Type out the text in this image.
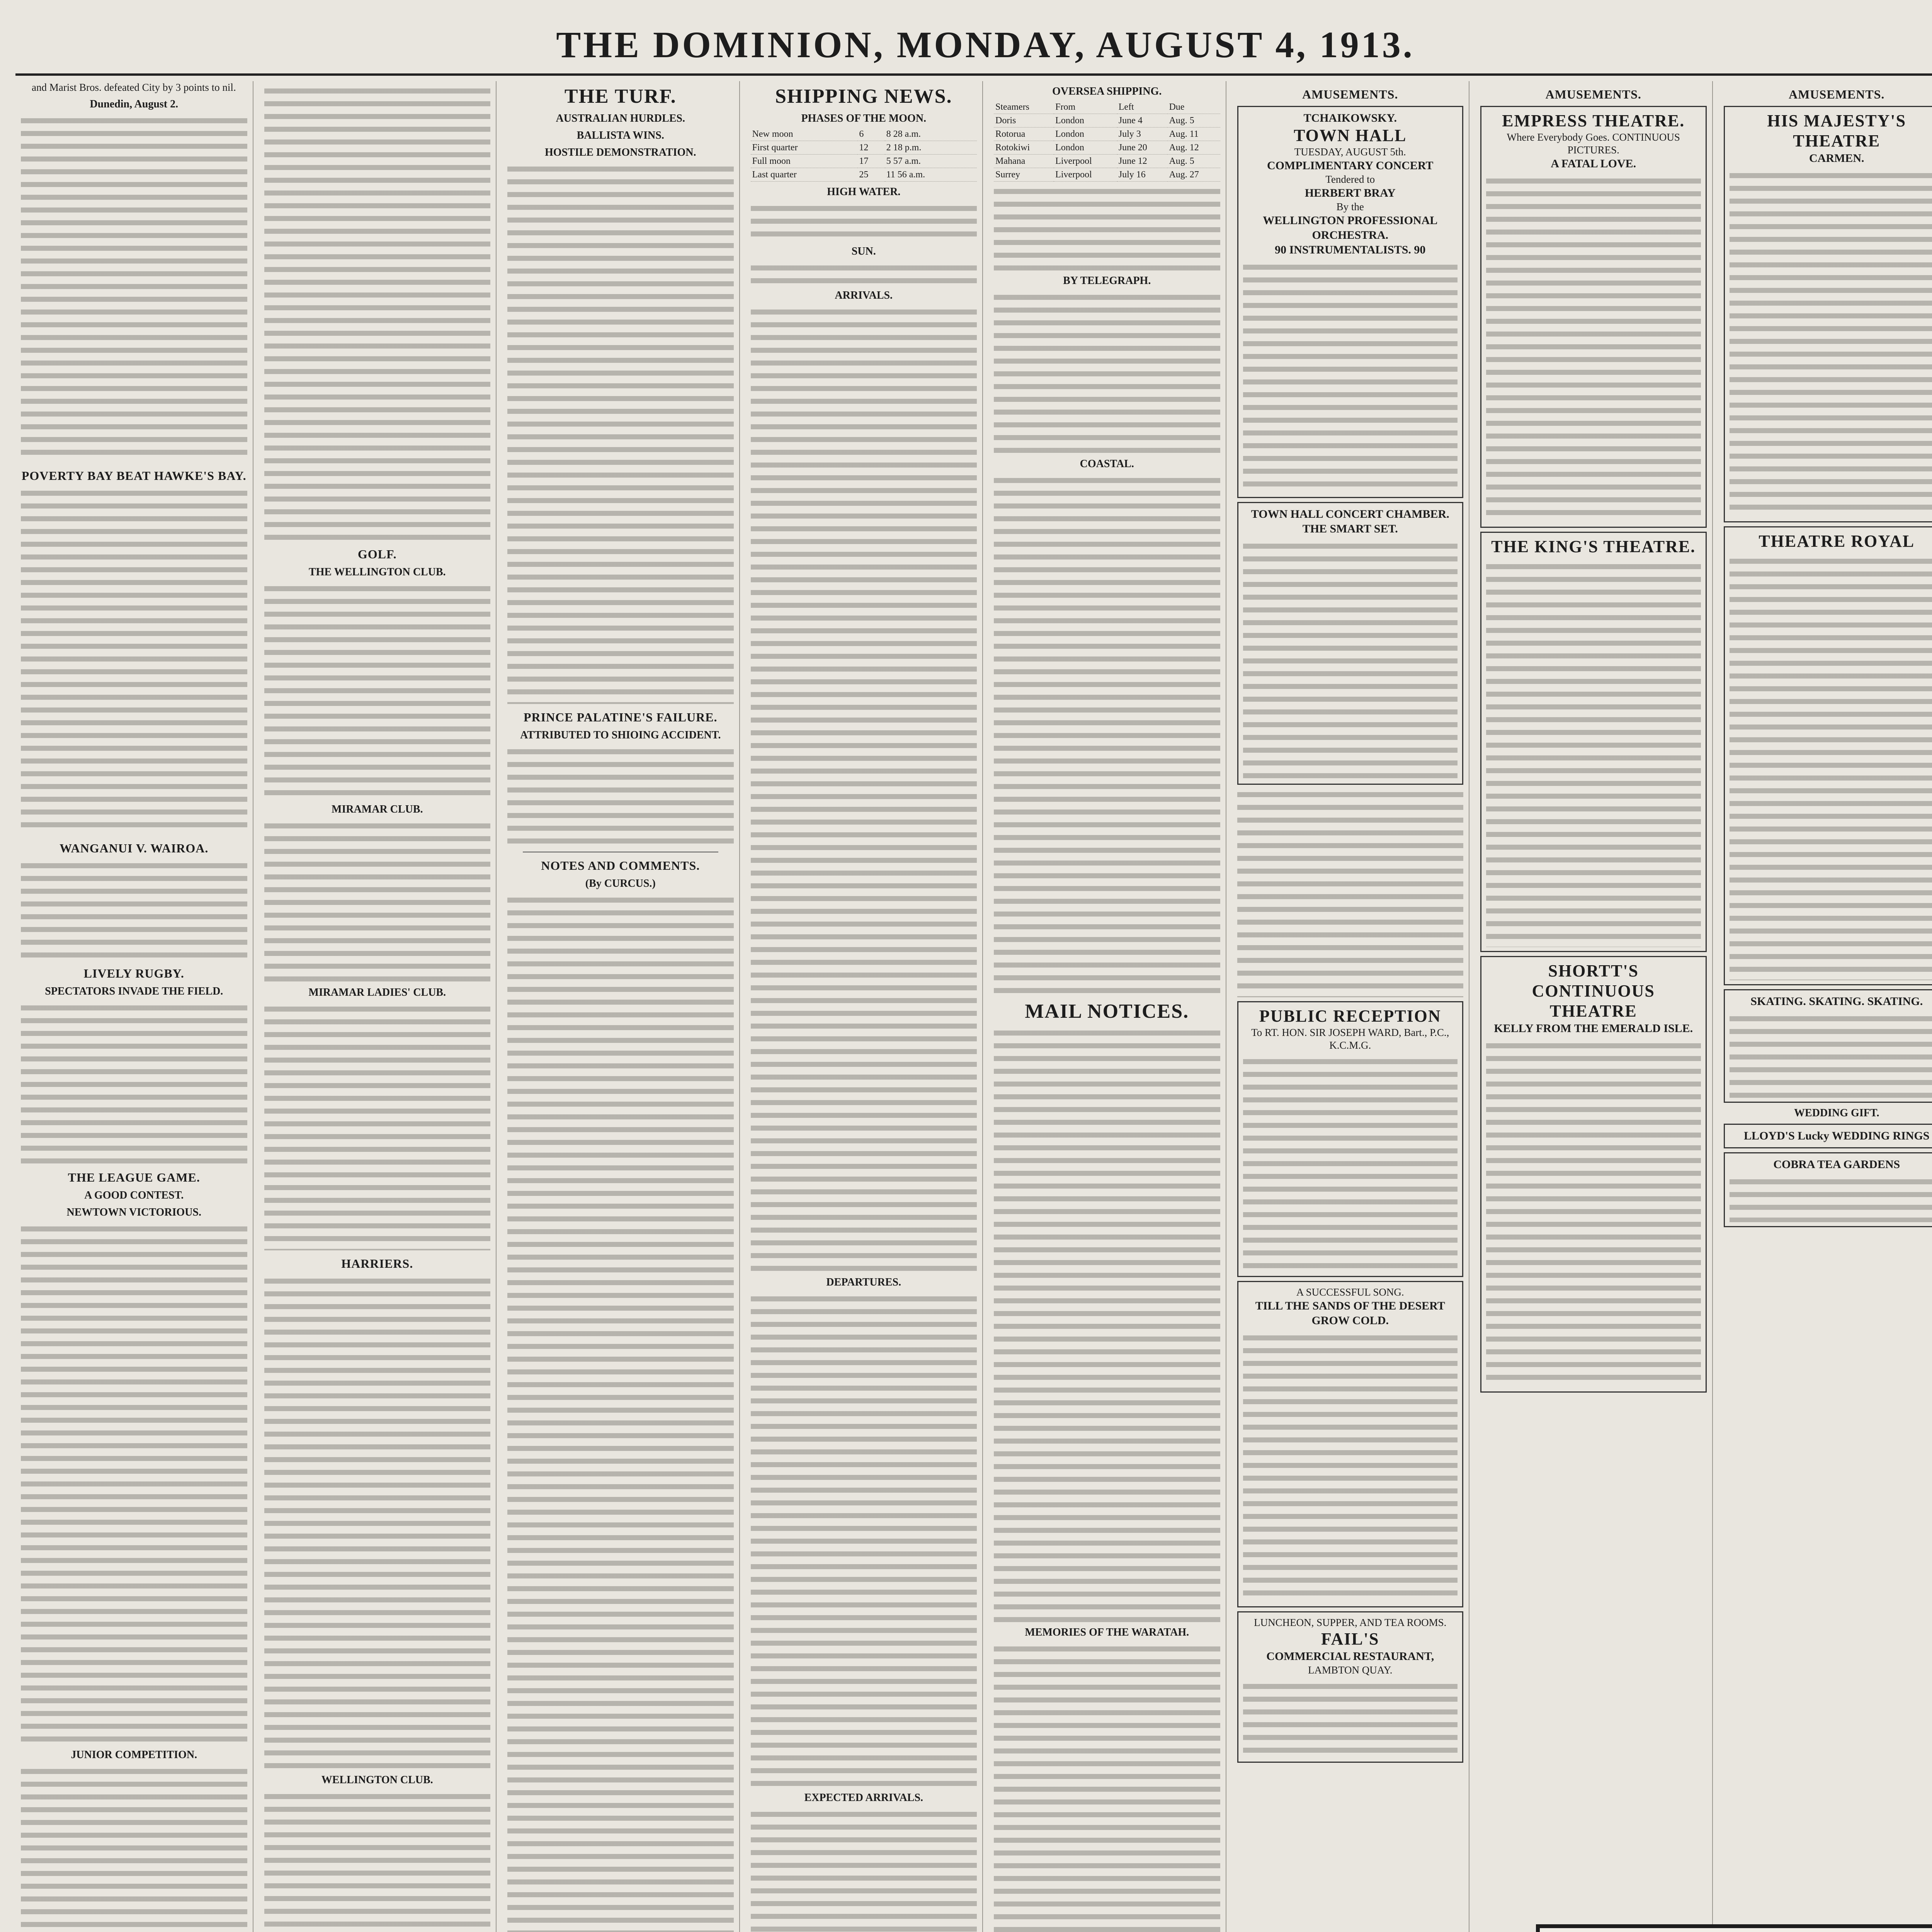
THE DOMINION, MONDAY, AUGUST 4, 1913.

and Marist Bros. defeated City by 3 points to nil.

Dunedin, August 2.
POVERTY BAY BEAT HAWKE'S BAY.
WANGANUI V. WAIROA.
LIVELY RUGBY.
SPECTATORS INVADE THE FIELD.
THE LEAGUE GAME.
A GOOD CONTEST.
NEWTOWN VICTORIOUS.
JUNIOR COMPETITION.
GOLF.
THE WELLINGTON CLUB.
MIRAMAR CLUB.
MIRAMAR LADIES' CLUB.
HARRIERS.
WELLINGTON CLUB.
THE TURF.
AUSTRALIAN HURDLES.
BALLISTA WINS.
HOSTILE DEMONSTRATION.
PRINCE PALATINE'S FAILURE.
ATTRIBUTED TO SHIOING ACCIDENT.
NOTES AND COMMENTS.
(By CURCUS.)

SHIPPING NEWS.
PHASES OF THE MOON.
New moon	6	8 28 a.m.
First quarter	12	2 18 p.m.
Full moon	17	5 57 a.m.
Last quarter	25	11 56 a.m.
HIGH WATER.
SUN.
ARRIVALS.
DEPARTURES.
EXPECTED ARRIVALS.
OVERSEA SHIPPING.
Steamers	From	Left	Due
Doris	London	June 4	Aug. 5
Rotorua	London	July 3	Aug. 11
Rotokiwi	London	June 20	Aug. 12
Mahana	Liverpool	June 12	Aug. 5
Surrey	Liverpool	July 16	Aug. 27
BY TELEGRAPH.
COASTAL.
MAIL NOTICES.
MEMORIES OF THE WARATAH.
AMUSEMENTS.
TCHAIKOWSKY.
TOWN HALL
TUESDAY, AUGUST 5th.
COMPLIMENTARY CONCERT
Tendered to
HERBERT BRAY
By the
WELLINGTON PROFESSIONAL ORCHESTRA.
90 INSTRUMENTALISTS. 90
TOWN HALL CONCERT CHAMBER.
THE SMART SET.
PUBLIC RECEPTION
To RT. HON. SIR JOSEPH WARD, Bart., P.C., K.C.M.G.
A SUCCESSFUL SONG.
TILL THE SANDS OF THE DESERT GROW COLD.
LUNCHEON, SUPPER, AND TEA ROOMS.
FAIL'S
COMMERCIAL RESTAURANT,
LAMBTON QUAY.
AMUSEMENTS.
EMPRESS THEATRE.
Where Everybody Goes. CONTINUOUS PICTURES.
A FATAL LOVE.
THE KING'S THEATRE.
SHORTT'S CONTINUOUS THEATRE
KELLY FROM THE EMERALD ISLE.
AMUSEMENTS.
HIS MAJESTY'S THEATRE
CARMEN.
THEATRE ROYAL
SKATING. SKATING. SKATING.
WEDDING GIFT.
LLOYD'S Lucky WEDDING RINGS
COBRA TEA GARDENS
